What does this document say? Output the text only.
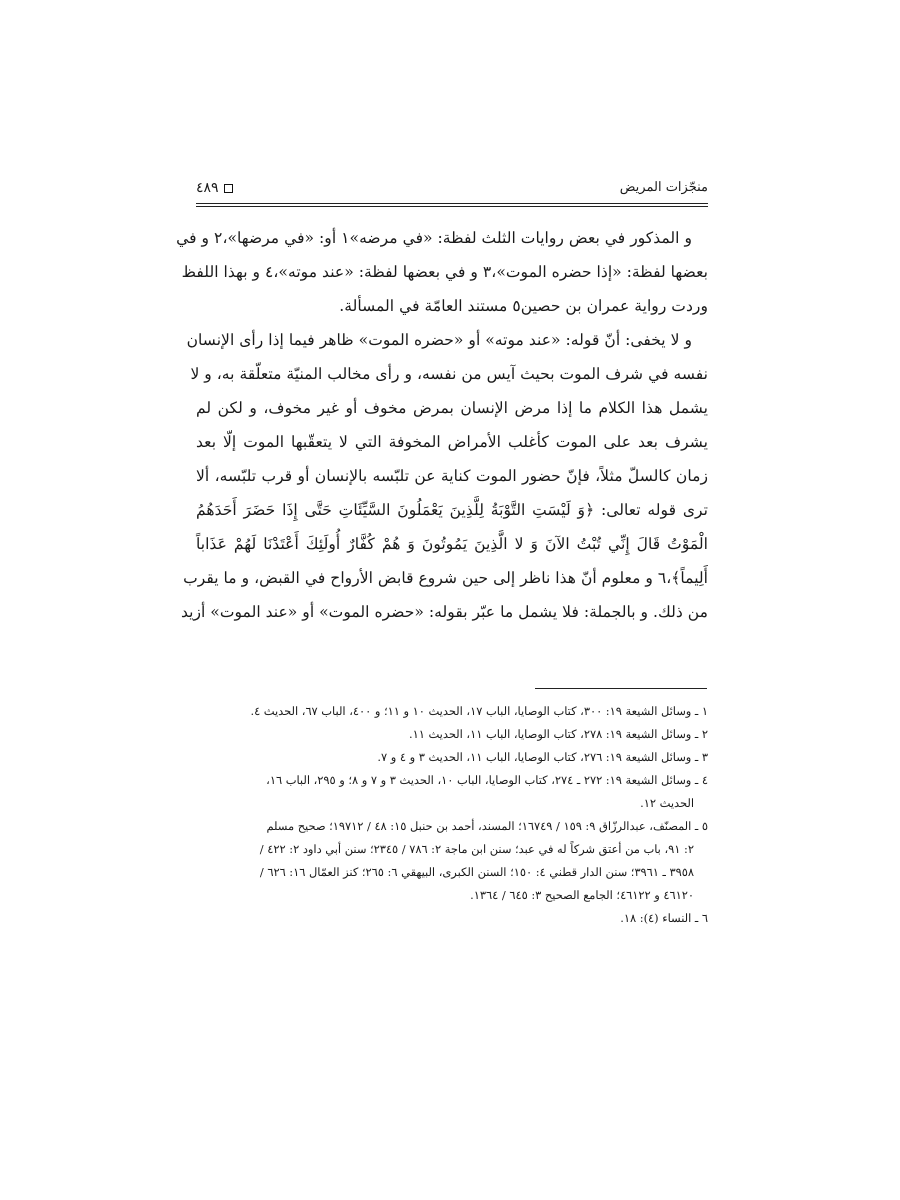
منجّزات المريض
٤٨٩
و المذكور في بعض روايات الثلث لفظة: «في مرضه»١ أو: «في مرضها»،٢ و في
بعضها لفظة: «إذا حضره الموت»،٣ و في بعضها لفظة: «عند موته»،٤ و بهذا اللفظ
وردت رواية عمران بن حصين٥ مستند العامّة في المسألة.
و لا يخفى: أنّ قوله: «عند موته» أو «حضره الموت» ظاهر فيما إذا رأى الإنسان
نفسه في شرف الموت بحيث آيس من نفسه، و رأى مخالب المنيّة متعلّقة به، و لا
يشمل هذا الكلام ما إذا مرض الإنسان بمرض مخوف أو غير مخوف، و لكن لم
يشرف بعد على الموت كأغلب الأمراض المخوفة التي لا يتعقّبها الموت إلّا بعد
زمان كالسلّ مثلاً، فإنّ حضور الموت كناية عن تلبّسه بالإنسان أو قرب تلبّسه، ألا
ترى قوله تعالى: ﴿وَ لَيْسَتِ التَّوْبَةُ لِلَّذِينَ يَعْمَلُونَ السَّيِّئَاتِ حَتَّى إِذَا حَضَرَ أَحَدَهُمُ
الْمَوْتُ قَالَ إِنِّي تُبْتُ الآنَ وَ لا الَّذِينَ يَمُوتُونَ وَ هُمْ كُفَّارٌ أُولَئِكَ أَعْتَدْنَا لَهُمْ عَذَاباً
أَلِيماً﴾،٦ و معلوم أنّ هذا ناظر إلى حين شروع قابض الأرواح في القبض، و ما يقرب
من ذلك. و بالجملة: فلا يشمل ما عبّر بقوله: «حضره الموت» أو «عند الموت» أزيد
١ ـ وسائل الشيعة ١٩: ٣٠٠، كتاب الوصايا، الباب ١٧، الحديث ١٠ و ١١؛ و ٤٠٠، الباب ٦٧، الحديث ٤.
٢ ـ وسائل الشيعة ١٩: ٢٧٨، كتاب الوصايا، الباب ١١، الحديث ١١.
٣ ـ وسائل الشيعة ١٩: ٢٧٦، كتاب الوصايا، الباب ١١، الحديث ٣ و ٤ و ٧.
٤ ـ وسائل الشيعة ١٩: ٢٧٢ ـ ٢٧٤، كتاب الوصايا، الباب ١٠، الحديث ٣ و ٧ و ٨؛ و ٢٩٥، الباب ١٦،
الحديث ١٢.
٥ ـ المصنّف، عبدالرزّاق ٩: ١٥٩ / ١٦٧٤٩؛ المسند، أحمد بن حنبل ١٥: ٤٨ / ١٩٧١٢؛ صحيح مسلم
٢: ٩١، باب من أعتق شركاً له في عبد؛ سنن ابن ماجة ٢: ٧٨٦ / ٢٣٤٥؛ سنن أبي داود ٢: ٤٢٢ /
٣٩٥٨ ـ ٣٩٦١؛ سنن الدار قطني ٤: ١٥٠؛ السنن الكبرى، البيهقي ٦: ٢٦٥؛ كنز العمّال ١٦: ٦٢٦ /
٤٦١٢٠ و ٤٦١٢٢؛ الجامع الصحيح ٣: ٦٤٥ / ١٣٦٤.
٦ ـ النساء (٤): ١٨.
